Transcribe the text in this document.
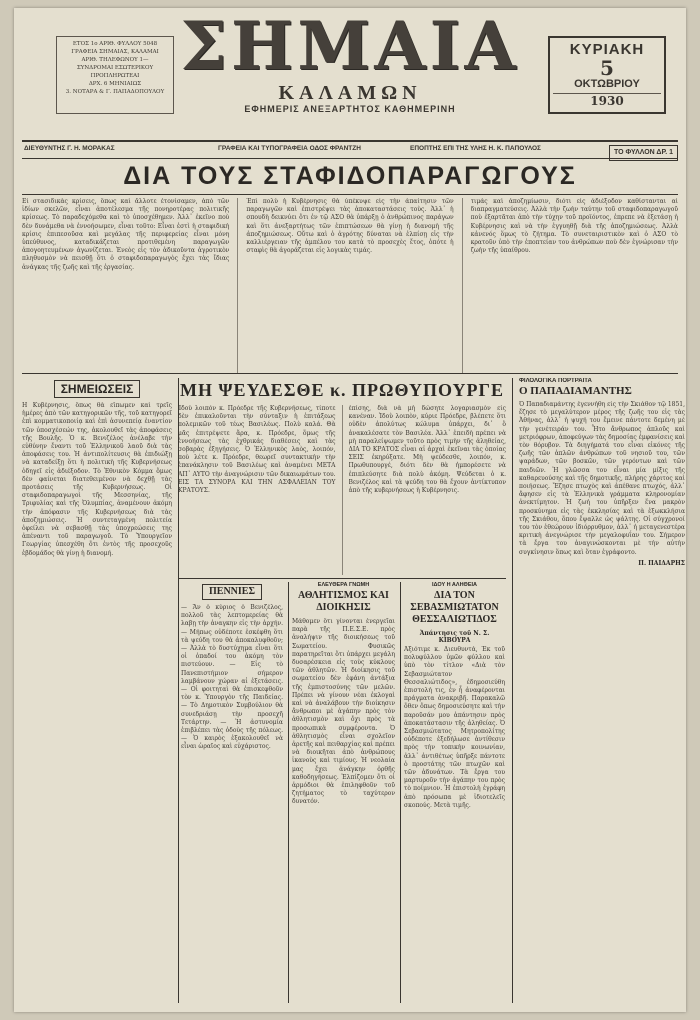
ΕΤΟΣ 1ο ΑΡΙΘ. ΦΥΛΛΟΥ 5048
ΓΡΑΦΕΙΑ ΣΗΜΑΙΑΣ, ΚΑΛΑΜΑΙ
ΑΡΙΘ. ΤΗΛΕΦΩΝΟΥ 1—
ΣΥΝΔΡΟΜΑΙ ΕΣΩΤΕΡΙΚΟΥ ΠΡΟΠΛΗΡΩΤΕΑΙ
ΔΡΧ. 6 ΜΗΝΙΑΙΩΣ
3. ΝΟΤΑΡΑ & Γ. ΠΑΠΑΔΟΠΟΥΛΟΥ
ΣΗΜΑΙΑ
ΚΑΛΑΜΩΝ
ΕΦΗΜΕΡΙΣ ΑΝΕΞΑΡΤΗΤΟΣ ΚΑΘΗΜΕΡΙΝΗ
ΚΥΡΙΑΚΗ
5
ΟΚΤΩΒΡΙΟΥ
1930
ΔΙΕΥΘΥΝΤΗΣ Γ. Η. ΜΟΡΑΚΑΣ	ΓΡΑΦΕΙΑ ΚΑΙ ΤΥΠΟΓΡΑΦΕΙΑ ΟΔΟΣ ΦΡΑΝΤΖΗ	ΕΠΟΠΤΗΣ ΕΠΙ ΤΗΣ ΥΛΗΣ Η. Κ. ΠΑΠΟΥΛΟΣ
ΤΟ ΦΥΛΛΟΝ ΔΡ. 1
ΔΙΑ ΤΟΥΣ ΣΤΑΦΙΔΟΠΑΡΑΓΩΓΟΥΣ
Εἰ στασιδικὰς κρίσεις, ὅπως καὶ ἄλλοτε ἐτονίσαμεν, ἀπὸ τῶν ἰδίων σκελῶν, εἶναι ἀποτέλεσμα τῆς πονηροτέρας πολιτικῆς κρίσεως. Τὸ παραδεχόμεθα καὶ τὸ ὑποσχέθημεν. Ἀλλ᾽ ἐκεῖνο ποὺ δὲν δυνάμεθα νὰ ἐννοήσωμεν, εἶναι τοῦτο: Εἶναι ἐστὶ ἡ σταφιδικὴ κρίσις ἐπιπεσοῦσα καὶ μεγάλας τῆς περιφερείας εἶναι μόνη ὑπεύθυνος, καταδικάζεται προτιθεμένη παραγωγῶν ἀπογοητευμένων ἀγωνίζεται. Ἐνεὸς εἰς τὸν ἀδικοῦντα ἀγροτικὸν πληθυσμὸν νὰ πεισθῇ ὅτι ὁ σταφιδοπαραγωγὸς ἔχει τὰς ἴδιας ἀνάγκας τῆς ζωῆς καὶ τῆς ἐργασίας.
Ἐπὶ πολὺ ἡ Κυβέρνησις θὰ ὑπέκυψε εἰς τὴν ἀπαίτησιν τῶν παραγωγῶν καὶ ἐπιστρέψει τὰς ἀποκαταστάσεις τοὺς. Ἀλλ᾽ ἡ σπουδὴ δεικνύει ὅτι ἐν τῷ ΑΣΟ θὰ ὑπάρξῃ ὁ ἀνθρώπινος παράγων καὶ ὅτι ἀνεξαρτήτως τῶν ἐπιπτώσεων θὰ γίνῃ ἡ διανομὴ τῆς ἀποζημιώσεως. Οὔτω καὶ ὁ ἀγρότης δύναται νὰ ἐλπίσῃ εἰς τὴν καλλιέργειαν τῆς ἀμπέλου του κατὰ τὸ προσεχὲς ἔτος, ὁπότε ἡ σταφὶς θὰ ἀγοράζεται εἰς λογικὰς τιμάς.
τιμάς καὶ ἀποζημίωσιν, διότι εἰς ἀδιέξοδον καθίστανται αἱ διαπραγματεύσεις. Ἀλλὰ τὴν ζωὴν ταύτην τοῦ σταφιδοπαραγωγοῦ ποὺ ἐξαρτᾶται ἀπὸ τὴν τύχην τοῦ προϊόντος, ἐπρεπε νὰ ἐξετάσῃ ἡ Κυβέρνησις καὶ νὰ τὴν ἐγγυηθῇ διὰ τῆς ἀποζημιώσεως. Ἀλλὰ κἀνενός ὅμως τὸ ζήτημα. Τὸ συνεταιριστικὸν καὶ ὁ ΑΣΟ τὸ κρατοῦν ὑπὸ τὴν ἐποπτείαν του ἀνθρώπων ποὺ δὲν ἐγνώρισαν τὴν ζωὴν τῆς ὑπαίθρου.
ΣΗΜΕΙΩΣΕΙΣ
Η Κυβέρνησις, ὅπως θὰ εἴπωμεν καὶ τρεῖς ἡμέρες ἀπὸ τῶν κατηγορικῶν τῆς, τοῦ κατηγορεῖ ἐπὶ κομματικοποιίᾳ καὶ ἐπὶ ἀσυνεπείᾳ ἐναντίον τῶν ὑποσχέσεών της, ἀκολουθεῖ τὰς ἀποφάσεις τῆς Βουλῆς. Ὁ κ. Βενιζέλος ἀνέλαβε τὴν εὐθύνην ἔναντι τοῦ Ἑλληνικοῦ λαοῦ διὰ τὰς ἀποφάσεις του. Ἡ ἀντιπολίτευσις θὰ ἐπιδιώξῃ νὰ καταδείξῃ ὅτι ἡ πολιτικὴ τῆς Κυβερνήσεως ὁδηγεῖ εἰς ἀδιέξοδον. Τὸ Ἐθνικὸν Κόμμα ὅμως δὲν φαίνεται διατεθειμένον νὰ δεχθῇ τὰς προτάσεις τῆς Κυβερνήσεως. Οἱ σταφιδοπαραγωγοὶ τῆς Μεσσηνίας, τῆς Τριφυλίας καὶ τῆς Ὀλυμπίας, ἀναμένουν ἀκόμη τὴν ἀπόφασιν τῆς Κυβερνήσεως διὰ τὰς ἀποζημιώσεις. Ἡ συντεταγμένη πολιτεία ὀφείλει νὰ σεβασθῇ τὰς ὑποχρεώσεις της ἀπέναντι τοῦ παραγωγοῦ. Τὸ Ὑπουργεῖον Γεωργίας ὑπεσχέθη ὅτι ἐντὸς τῆς προσεχοῦς ἑβδομάδος θὰ γίνῃ ἡ διανομή.
ΜΗ ΨΕΥΔΕΣΘΕ κ. ΠΡΩΘΥΠΟΥΡΓΕ
Ἰδοὺ λοιπόν κ. Πρόεδρε τῆς Κυβερνήσεως, τίποτε δὲν ἐπικαλοῦνται τὴν σύνταξιν ἡ ἐπιτάξεως πολεμικῶν τοῦ τέως Βασιλέως. Πολὺ καλά. Θὰ μᾶς ἐπιτρέψετε ἄρα, κ. Πρόεδρε, ὅμως τῆς ἐννοήσεως τὰς ἐχθρικάς διαθέσεις καὶ τὰς σοβαρὰς ἐξηγήσεις. Ὁ Ἑλληνικὸς λαὸς, λοιπόν, ποὺ λέτε κ. Πρόεδρε, θεωρεῖ συντακτικὴν τὴν ἐπανάκλησιν τοῦ Βασιλέως καὶ ἀναμένει ΜΕΤΑ ΑΠ᾽ ΑΥΤΟ τὴν ἀναγνώρισιν τῶν δικαιωμάτων του. ΕΙΣ ΤΑ ΣΥΝΟΡΑ ΚΑΙ ΤΗΝ ΑΣΦΑΛΕΙΑΝ ΤΟΥ ΚΡΑΤΟΥΣ.
ἐπίσης, διὰ νὰ μὴ δώσητε λογαριασμὸν εἰς κανέναν. Ἰδοὺ λοιπὸν, κύριε Πρόεδρε, βλέπετε ὅτι οὐδὲν ἀπολύτως κώλυμα ὑπάρχει, δι᾽ ὃ ἀνακαλέσατε τὸν Βασιλέα. Ἀλλ᾽ ἐπειδὴ πρέπει νὰ μὴ παραλείψωμεν τοῦτο πρὸς τιμὴν τῆς ἀληθείας, ΔΙΑ ΤΟ ΚΡΑΤΟΣ εἶναι αἱ ἀρχαὶ ἐκεῖναι τὰς ὁποίας ΣΕΙΣ ἐκηρύξατε. Μὴ ψεύδεσθε, λοιπόν, κ. Πρωθυπουργέ, διότι δὲν θὰ ἠμπορέσετε νὰ ἐπιπλεύσητε διὰ πολὺ ἀκόμη. Ψεύδεται ὁ κ. Βενιζέλος καὶ τὰ ψεύδη του θὰ ἔχουν ἀντίκτυπον ἀπὸ τῆς κυβερνήσεως ἡ Κυβέρνησις.
ΦΙΛΟΛΟΓΙΚΑ ΠΟΡΤΡΑΙΤΑ
Ο ΠΑΠΑΔΙΑΜΑΝΤΗΣ
Ὁ Παπαδιαμάντης ἐγεννήθη εἰς τὴν Σκιάθον τῷ 1851, ἔζησε τὸ μεγαλύτερον μέρος τῆς ζωῆς του εἰς τὰς Ἀθήνας, ἀλλ᾽ ἡ ψυχή του ἔμεινε πάντοτε δεμένη μὲ τὴν γενέτειράν του. Ἦτο ἄνθρωπος ἁπλοῦς καὶ μετριόφρων, ἀποφεύγων τὰς δημοσίας ἐμφανίσεις καὶ τὸν θόρυβον. Τὰ διηγήματά του εἶναι εἰκόνες τῆς ζωῆς τῶν ἁπλῶν ἀνθρώπων τοῦ νησιοῦ του, τῶν ψαράδων, τῶν βοσκῶν, τῶν γερόντων καὶ τῶν παιδιῶν. Ἡ γλῶσσα του εἶναι μία μίξις τῆς καθαρευούσης καὶ τῆς δημοτικῆς, πλήρης χάριτος καὶ ποιήσεως. Ἔζησε πτωχὸς καὶ ἀπέθανε πτωχός, ἀλλ᾽ ἄφησεν εἰς τὰ Ἑλληνικὰ γράμματα κληρονομίαν ἀνεκτίμητον. Ἡ ζωή του ὑπῆρξεν ἕνα μακρὸν προσκύνημα εἰς τὰς ἐκκλησίας καὶ τὰ ἐξωκκλήσια τῆς Σκιάθου, ὅπου ἔψαλλε ὡς ψάλτης. Οἱ σύγχρονοί του τὸν ἐθεώρουν ἰδιόρρυθμον, ἀλλ᾽ ἡ μεταγενεστέρα κριτικὴ ἀνεγνώρισε τὴν μεγαλοφυΐαν του. Σήμερον τὰ ἔργα του ἀναγινώσκονται μὲ τὴν αὐτὴν συγκίνησιν ὅπως καὶ ὅταν ἐγράφοντο.
Π. ΠΑΙΔΑΡΗΣ
ΠΕΝΝΙΕΣ
— Ἄν ὁ κύριος ὁ Βενιζέλος, πολλοῦ τὰς λεπτομερείας θὰ λαβῃ τὴν ἀναγκην εἰς τὴν ἀρχήν. — Μήπως οὐδέποτε ἐσκέφθη ὅτι τὰ ψεύδη του θὰ ἀποκαλυφθοῦν; — Ἀλλὰ τὸ δυστύχημα εἶναι ὅτι οἱ ὀπαδοί του ἀκόμη τὸν πιστεύουν. — Εἰς τὸ Πανεπιστήμιον σήμερον λαμβάνουν χώραν αἱ ἐξετάσεις. — Οἱ φοιτηταὶ θὰ ἐπισκεφθοῦν τὸν κ. Ὑπουργὸν τῆς Παιδείας. — Τὸ Δημοτικὸν Συμβούλιον θὰ συνεδριάσῃ τὴν προσεχῆ Τετάρτην. — Ἡ ἀστυνομία ἐπιβλέπει τὰς ὁδοὺς τῆς πόλεως. — Ὁ καιρὸς ἐξακολουθεῖ νὰ εἶναι ὡραῖος καὶ εὐχάριστος.
ΕΛΕΥΘΕΡΑ ΓΝΩΜΗ
ΑΘΛΗΤΙΣΜΟΣ ΚΑΙ ΔΙΟΙΚΗΣΙΣ
Μάθομεν ὅτι γίνονται ἐνεργεῖαι παρὰ τῆς Π.Ε.Σ.Ε. πρὸς ἀναλήψιν τῆς διοικήσεως τοῦ Σωματείου. Φυσικῶς παρατηρεῖται ὅτι ὑπάρχει μεγάλη δυσαρέσκεια εἰς τοὺς κύκλους τῶν ἀθλητῶν. Ἡ διοίκησις τοῦ σωματείου δὲν ἐφάνη ἀντάξια τῆς ἐμπιστοσύνης τῶν μελῶν. Πρέπει νὰ γίνουν νέαι ἐκλογαὶ καὶ νὰ ἀναλάβουν τὴν διοίκησιν ἄνθρωποι μὲ ἀγάπην πρὸς τὸν ἀθλητισμὸν καὶ ὄχι πρὸς τὰ προσωπικὰ συμφέροντα. Ὁ ἀθλητισμὸς εἶναι σχολεῖον ἀρετῆς καὶ πειθαρχίας καὶ πρέπει νὰ διοικῆται ἀπὸ ἀνθρώπους ἱκανοὺς καὶ τιμίους. Ἡ νεολαία μας ἔχει ἀνάγκην ὀρθῆς καθοδηγήσεως. Ἐλπίζομεν ὅτι οἱ ἁρμόδιοι θὰ ἐπιληφθοῦν τοῦ ζητήματος τὸ ταχύτερον δυνατόν.
ΙΔΟΥ Η ΑΛΗΘΕΙΑ
ΔΙΑ ΤΟΝ ΣΕΒΑΣΜΙΩΤΑΤΟΝ ΘΕΣΣΑΛΙΩΤΙΔΟΣ
Ἀπάντησις τοῦ Ν. Σ. ΚΙΒΟΥΡΑ
Ἀξιότιμε κ. Διευθυντά, Ἐκ τοῦ πολυφύλλου ὑμῶν φύλλου καὶ ὑπὸ τὸν τίτλον «Διὰ τὸν Σεβασμιώτατον Θεσσαλιώτιδος», ἐδημοσιεύθη ἐπιστολή τις, ἐν ἧ ἀναφέρονται πράγματα ἀνακριβῆ. Παρακαλῶ ὅθεν ὅπως δημοσιεύσητε καὶ τὴν παροῦσάν μου ἀπάντησιν πρὸς ἀποκατάστασιν τῆς ἀληθείας. Ὁ Σεβασμιώτατος Μητροπολίτης οὐδέποτε ἐξεδήλωσε ἀντίθεσιν πρὸς τὴν τοπικὴν κοινωνίαν, ἀλλ᾽ ἀντιθέτως ὑπῆρξε πάντοτε ὁ προστάτης τῶν πτωχῶν καὶ τῶν ἀδυνάτων. Τὰ ἔργα του μαρτυροῦν τὴν ἀγάπην του πρὸς τὸ ποίμνιον. Ἡ ἐπιστολὴ ἐγράφη ἀπὸ πρόσωπα μὲ ἰδιοτελεῖς σκοπούς. Μετὰ τιμῆς.
